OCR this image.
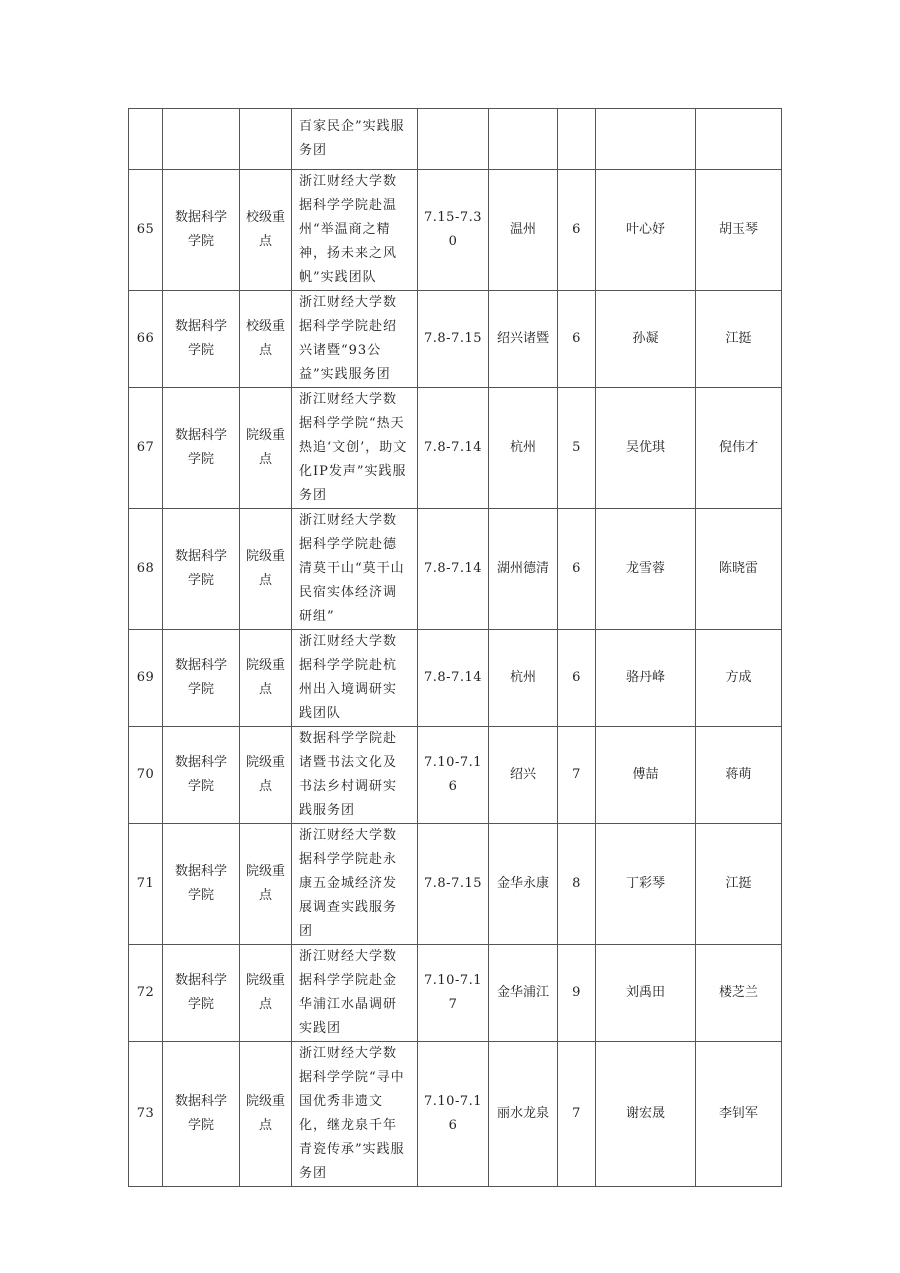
			百家民企”实践服务团					
65	数据科学学院	校级重点	浙江财经大学数据科学学院赴温州“举温商之精神，扬未来之风帆”实践团队	7.15-7.30	温州	6	叶心妤	胡玉琴
66	数据科学学院	校级重点	浙江财经大学数据科学学院赴绍兴诸暨“93公益”实践服务团	7.8-7.15	绍兴诸暨	6	孙凝	江挺
67	数据科学学院	院级重点	浙江财经大学数据科学学院“热天热追‘文创’，助文化IP发声”实践服务团	7.8-7.14	杭州	5	吴优琪	倪伟才
68	数据科学学院	院级重点	浙江财经大学数据科学学院赴德清莫干山“莫干山民宿实体经济调研组”	7.8-7.14	湖州德清	6	龙雪蓉	陈晓雷
69	数据科学学院	院级重点	浙江财经大学数据科学学院赴杭州出入境调研实践团队	7.8-7.14	杭州	6	骆丹峰	方成
70	数据科学学院	院级重点	数据科学学院赴诸暨书法文化及书法乡村调研实践服务团	7.10-7.16	绍兴	7	傅喆	蒋萌
71	数据科学学院	院级重点	浙江财经大学数据科学学院赴永康五金城经济发展调查实践服务团	7.8-7.15	金华永康	8	丁彩琴	江挺
72	数据科学学院	院级重点	浙江财经大学数据科学学院赴金华浦江水晶调研实践团	7.10-7.17	金华浦江	9	刘禹田	楼芝兰
73	数据科学学院	院级重点	浙江财经大学数据科学学院“寻中国优秀非遗文化，继龙泉千年青瓷传承”实践服务团	7.10-7.16	丽水龙泉	7	谢宏晟	李钊军
